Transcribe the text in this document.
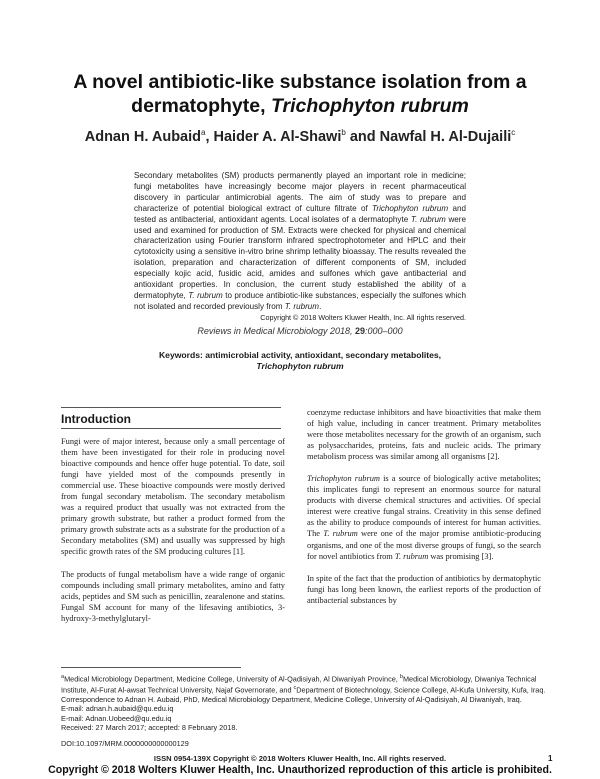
A novel antibiotic-like substance isolation from a
dermatophyte, Trichophyton rubrum
Adnan H. Aubaid$^a$, Haider A. Al-Shawi$^b$ and Nawfal H. Al-Dujaili$^c$
Secondary metabolites (SM) products permanently played an important role in medicine; fungi metabolites have increasingly become major players in recent pharmaceutical discovery in particular antimicrobial agents. The aim of study was to prepare and characterize of potential biological extract of culture filtrate of Trichophyton rubrum and tested as antibacterial, antioxidant agents. Local isolates of a dermatophyte T. rubrum were used and examined for production of SM. Extracts were checked for physical and chemical characterization using Fourier transform infrared spectrophotometer and HPLC and their cytotoxicity using a sensitive in-vitro brine shrimp lethality bioassay. The results revealed the isolation, preparation and characterization of different components of SM, included especially kojic acid, fusidic acid, amides and sulfones which gave antibacterial and antioxidant properties. In conclusion, the current study established the ability of a dermatophyte, T. rubrum to produce antibiotic-like substances, especially the sulfones which not isolated and recorded previously from T. rubrum.
Copyright © 2018 Wolters Kluwer Health, Inc. All rights reserved.
Reviews in Medical Microbiology 2018, 29:000–000
Keywords: antimicrobial activity, antioxidant, secondary metabolites,
Trichophyton rubrum
Introduction

Fungi were of major interest, because only a small percentage of them have been investigated for their role in producing novel bioactive compounds and hence offer huge potential. To date, soil fungi have yielded most of the compounds presently in commercial use. These bioactive compounds were mostly derived from fungal secondary metabolism. The secondary metabolism was a required product that usually was not extracted from the primary growth substrate, but rather a product formed from the primary growth substrate acts as a substrate for the production of a Secondary metabolites (SM) and usually was suppressed by high specific growth rates of the SM producing cultures [1].

The products of fungal metabolism have a wide range of organic compounds including small primary metabolites, amino and fatty acids, peptides and SM such as penicillin, zearalenone and statins. Fungal SM account for many of the lifesaving antibiotics, 3-hydroxy-3-methylglutaryl-

coenzyme reductase inhibitors and have bioactivities that make them of high value, including in cancer treatment. Primary metabolites were those metabolites necessary for the growth of an organism, such as polysaccharides, proteins, fats and nucleic acids. The primary metabolism process was similar among all organisms [2].

Trichophyton rubrum is a source of biologically active metabolites; this implicates fungi to represent an enormous source for natural products with diverse chemical structures and activities. Of special interest were creative fungal strains. Creativity in this sense defined as the ability to produce compounds of interest for human activities. The T. rubrum were one of the major promise antibiotic-producing organisms, and one of the most diverse groups of fungi, so the search for novel antibiotics from T. rubrum was promising [3].

In spite of the fact that the production of antibiotics by dermatophytic fungi has long been known, the earliest reports of the production of antibacterial substances by

$^a$Medical Microbiology Department, Medicine College, University of Al-Qadisiyah, Al Diwaniyah Province, $^b$Medical Microbiology, Diwaniya Technical Institute, Al-Furat Al-awsat Technical University, Najaf Governorate, and $^c$Department of Biotechnology, Science College, Al-Kufa University, Kufa, Iraq.

Correspondence to Adnan H. Aubaid, PhD, Medical Microbiology Department, Medicine College, University of Al-Qadisiyah, Al Diwaniyah, Iraq.

E-mail: adnan.h.aubaid@qu.edu.iq

E-mail: Adnan.Uobeed@qu.edu.iq

Received: 27 March 2017; accepted: 8 February 2018.

DOI:10.1097/MRM.0000000000000129

ISSN 0954-139X Copyright © 2018 Wolters Kluwer Health, Inc. All rights reserved.	1
Copyright © 2018 Wolters Kluwer Health, Inc. Unauthorized reproduction of this article is prohibited.
